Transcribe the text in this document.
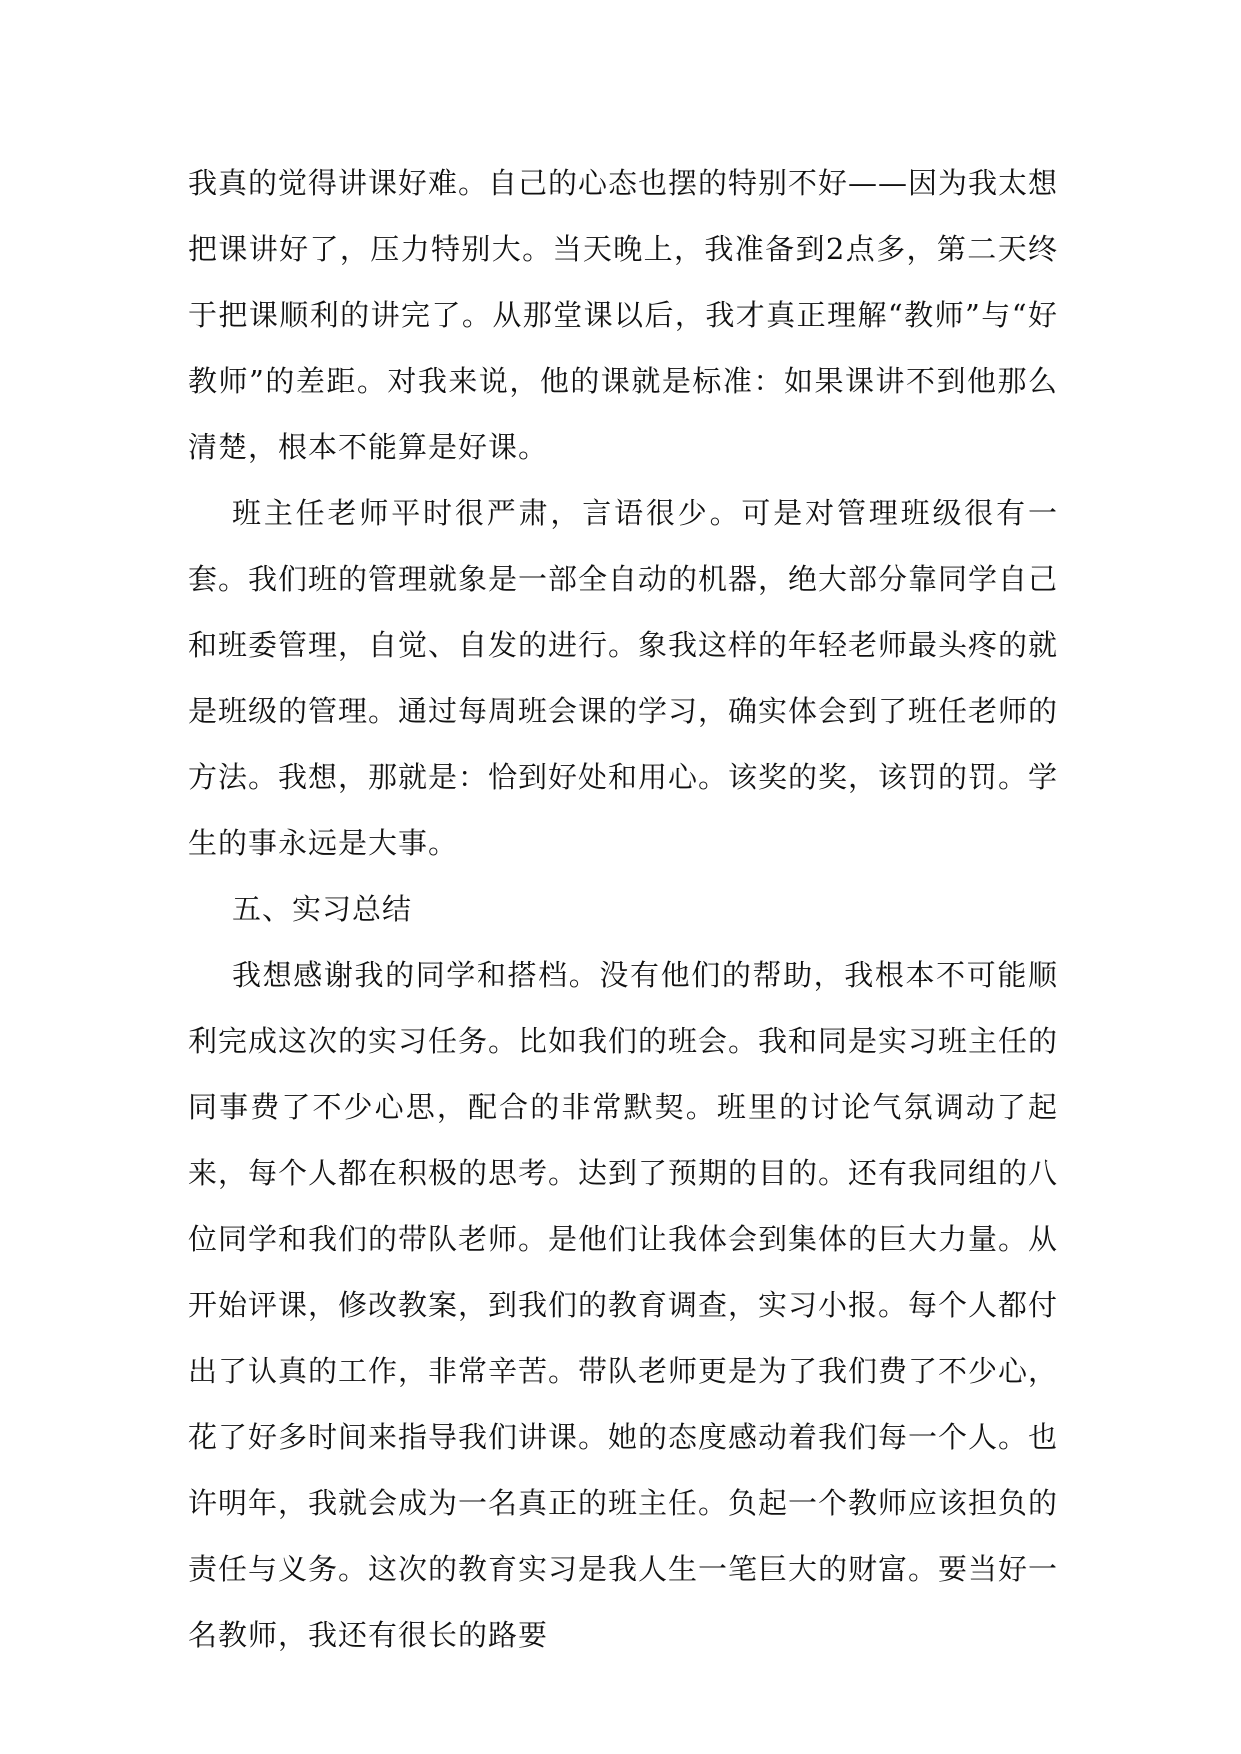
我真的觉得讲课好难。自己的心态也摆的特别不好——因为我太想把课讲好了，压力特别大。当天晚上，我准备到2点多，第二天终于把课顺利的讲完了。从那堂课以后，我才真正理解“教师”与“好教师”的差距。对我来说，他的课就是标准：如果课讲不到他那么清楚，根本不能算是好课。

班主任老师平时很严肃，言语很少。可是对管理班级很有一套。我们班的管理就象是一部全自动的机器，绝大部分靠同学自己和班委管理，自觉、自发的进行。象我这样的年轻老师最头疼的就是班级的管理。通过每周班会课的学习，确实体会到了班任老师的方法。我想，那就是：恰到好处和用心。该奖的奖，该罚的罚。学生的事永远是大事。

五、实习总结

我想感谢我的同学和搭档。没有他们的帮助，我根本不可能顺利完成这次的实习任务。比如我们的班会。我和同是实习班主任的同事费了不少心思，配合的非常默契。班里的讨论气氛调动了起来，每个人都在积极的思考。达到了预期的目的。还有我同组的八位同学和我们的带队老师。是他们让我体会到集体的巨大力量。从开始评课，修改教案，到我们的教育调查，实习小报。每个人都付出了认真的工作，非常辛苦。带队老师更是为了我们费了不少心，花了好多时间来指导我们讲课。她的态度感动着我们每一个人。也许明年，我就会成为一名真正的班主任。负起一个教师应该担负的责任与义务。这次的教育实习是我人生一笔巨大的财富。要当好一名教师，我还有很长的路要
